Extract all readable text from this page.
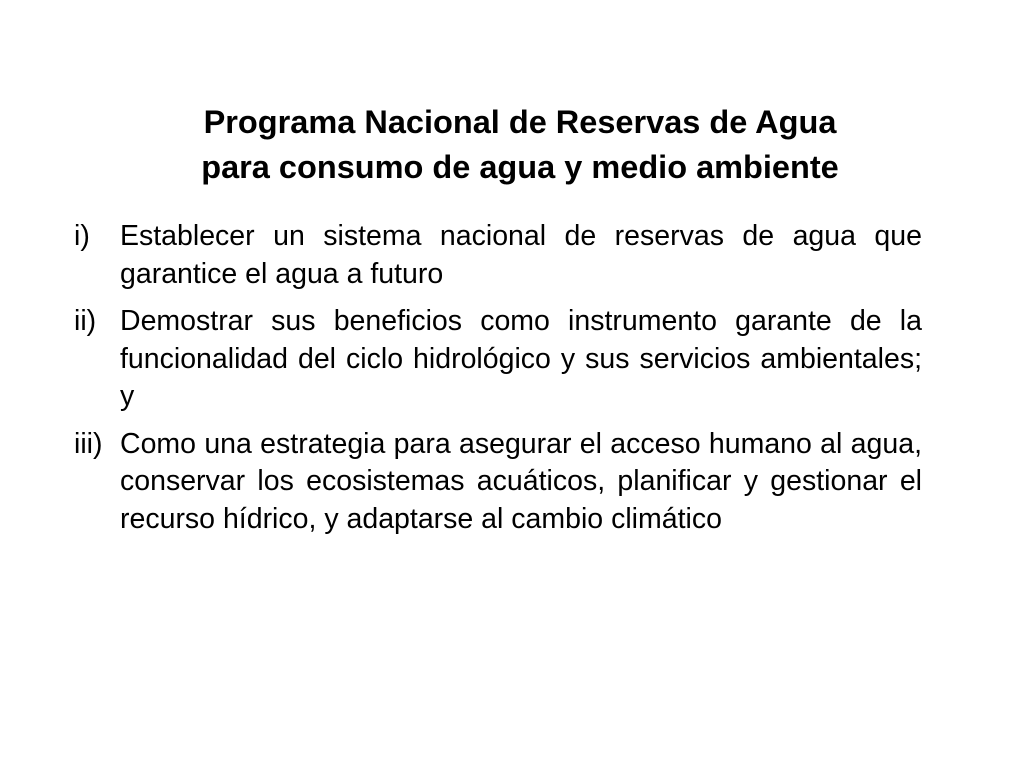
Programa Nacional de Reservas de Agua
para consumo de agua y medio ambiente
i)	Establecer un sistema nacional de reservas de agua que garantice el agua a futuro
ii) Demostrar sus beneficios como instrumento garante de la funcionalidad del ciclo hidrológico y sus servicios ambientales; y
iii) Como una estrategia para asegurar el acceso humano al agua, conservar los ecosistemas acuáticos, planificar y gestionar el recurso hídrico, y adaptarse al cambio climático
